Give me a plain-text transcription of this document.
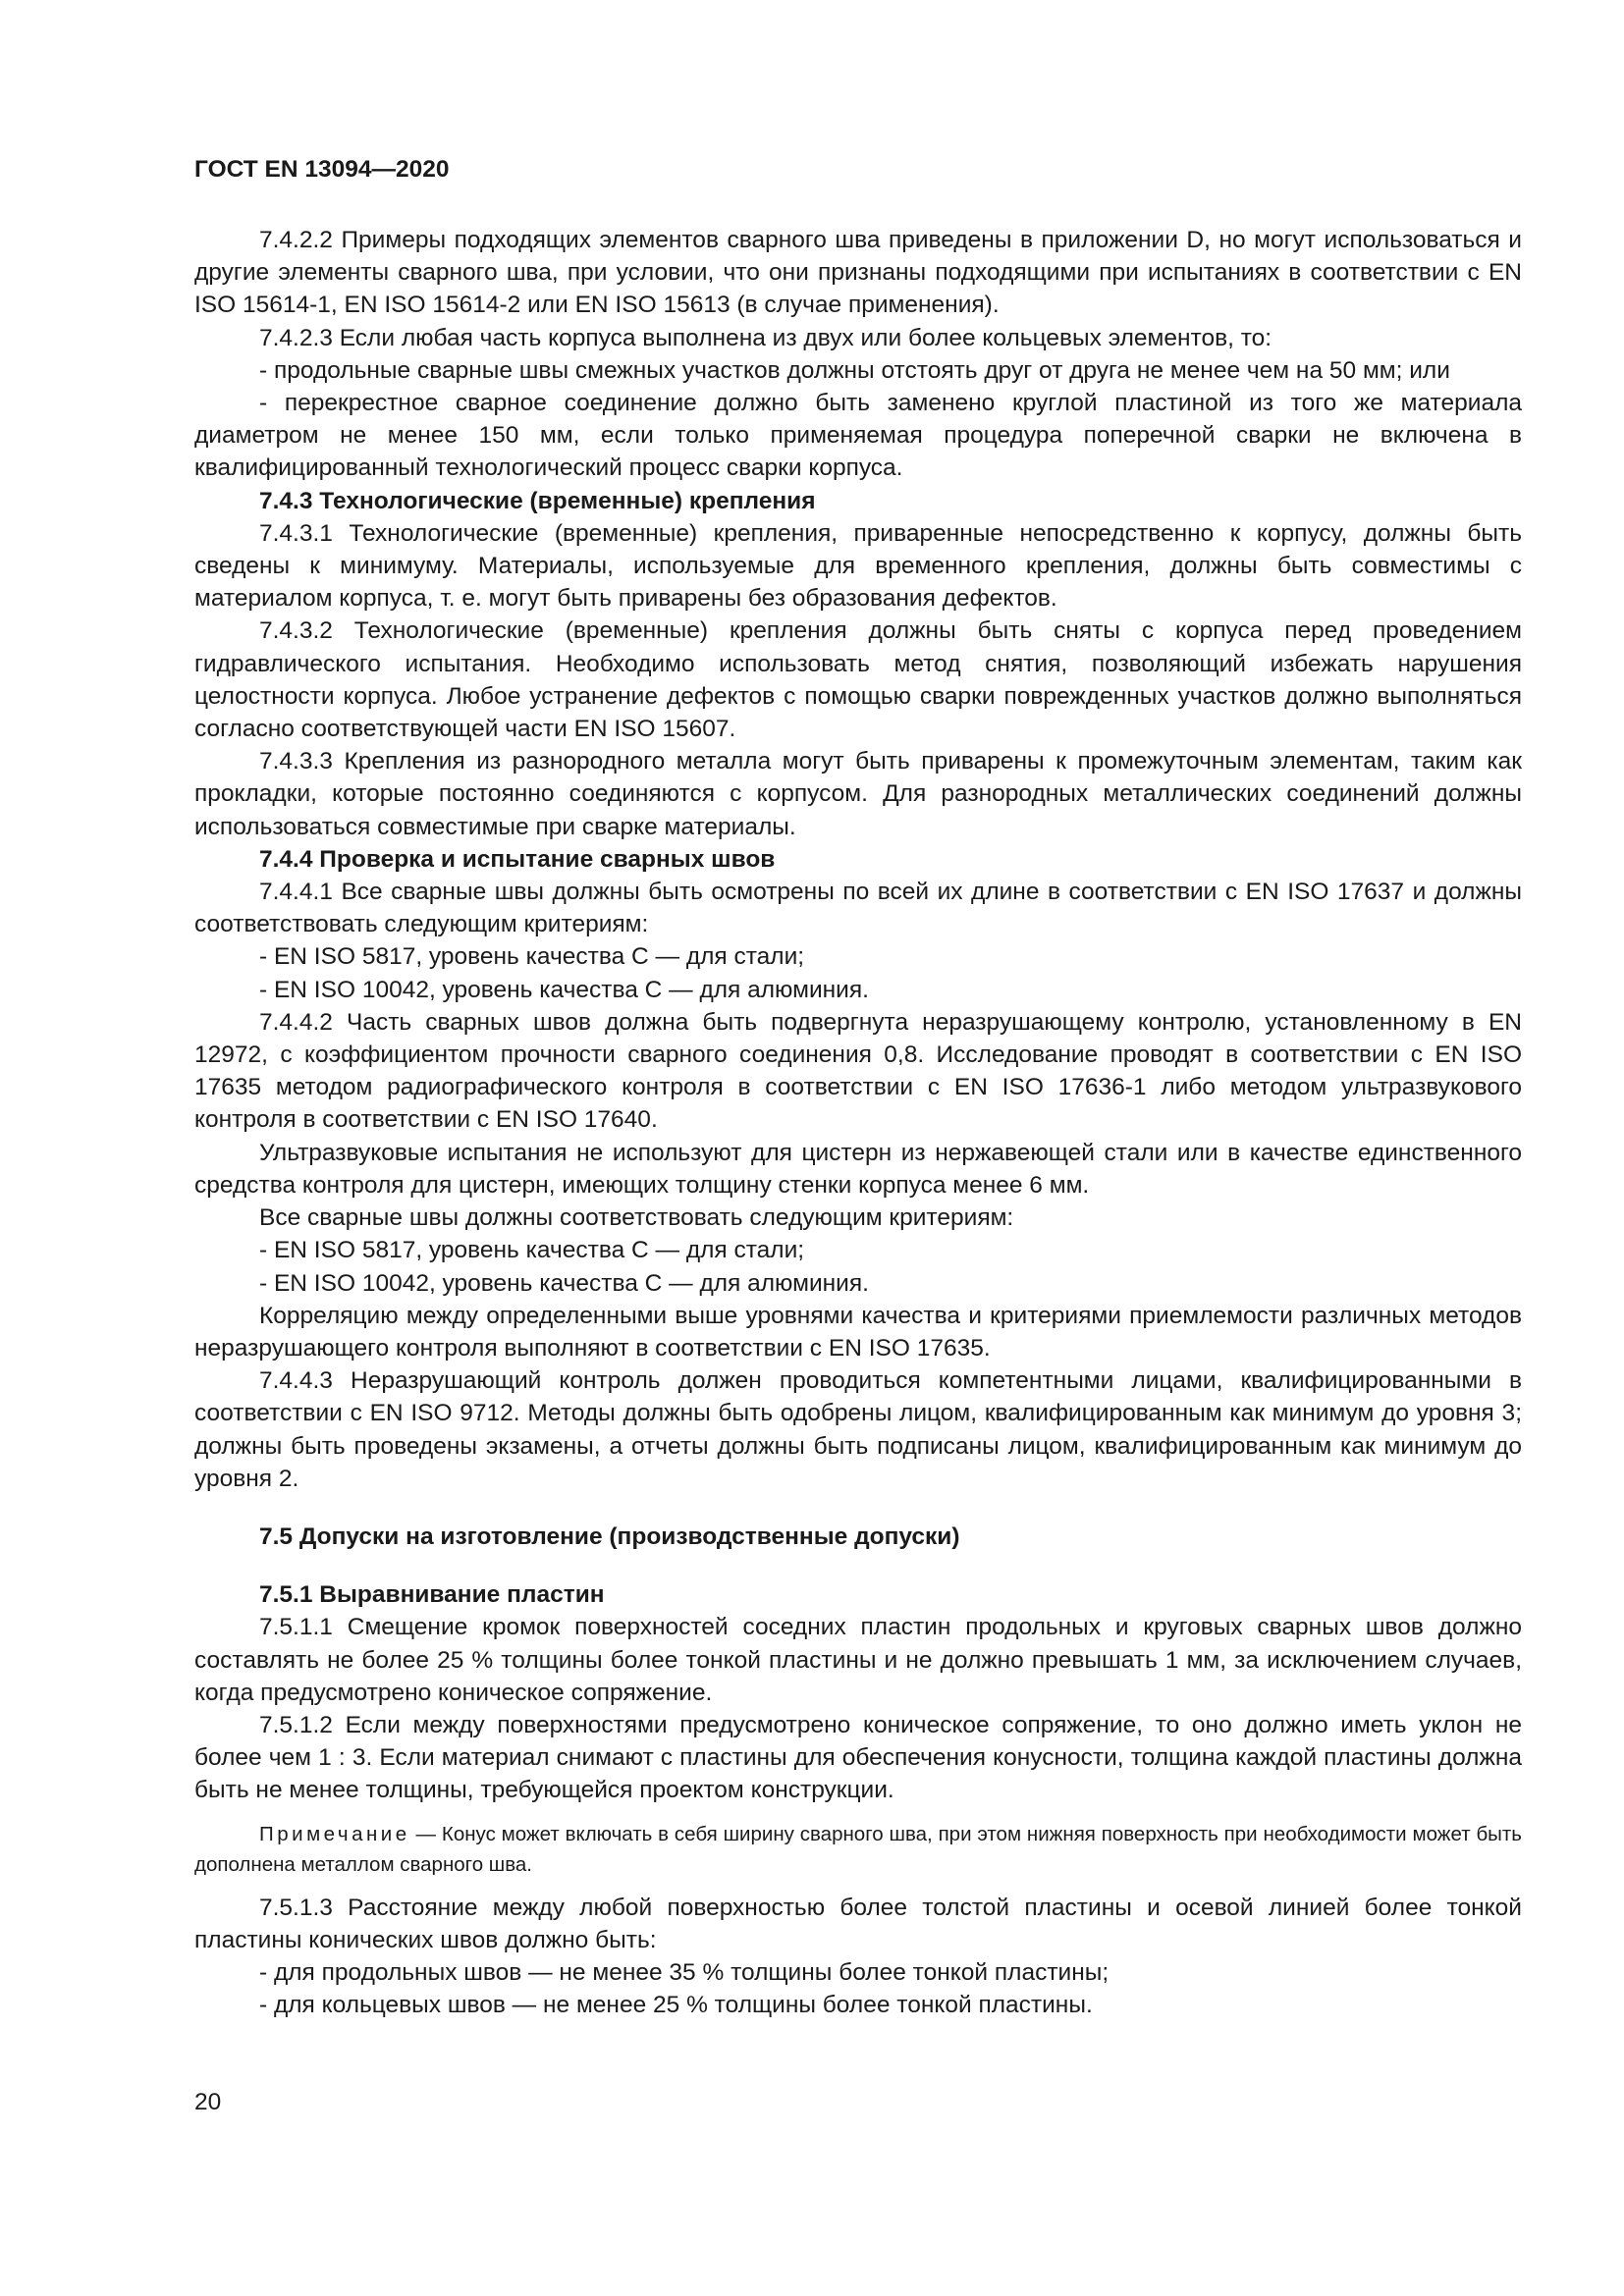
ГОСТ EN 13094—2020

7.4.2.2 Примеры подходящих элементов сварного шва приведены в приложении D, но могут использоваться и другие элементы сварного шва, при условии, что они признаны подходящими при испытаниях в соответствии с EN ISO 15614-1, EN ISO 15614-2 или EN ISO 15613 (в случае применения).

7.4.2.3 Если любая часть корпуса выполнена из двух или более кольцевых элементов, то:

- продольные сварные швы смежных участков должны отстоять друг от друга не менее чем на 50 мм; или

- перекрестное сварное соединение должно быть заменено круглой пластиной из того же материала диаметром не менее 150 мм, если только применяемая процедура поперечной сварки не включена в квалифицированный технологический процесс сварки корпуса.

7.4.3 Технологические (временные) крепления

7.4.3.1 Технологические (временные) крепления, приваренные непосредственно к корпусу, должны быть сведены к минимуму. Материалы, используемые для временного крепления, должны быть совместимы с материалом корпуса, т. е. могут быть приварены без образования дефектов.

7.4.3.2 Технологические (временные) крепления должны быть сняты с корпуса перед проведением гидравлического испытания. Необходимо использовать метод снятия, позволяющий избежать нарушения целостности корпуса. Любое устранение дефектов с помощью сварки поврежденных участков должно выполняться согласно соответствующей части EN ISO 15607.

7.4.3.3 Крепления из разнородного металла могут быть приварены к промежуточным элементам, таким как прокладки, которые постоянно соединяются с корпусом. Для разнородных металлических соединений должны использоваться совместимые при сварке материалы.

7.4.4 Проверка и испытание сварных швов

7.4.4.1 Все сварные швы должны быть осмотрены по всей их длине в соответствии с EN ISO 17637 и должны соответствовать следующим критериям:

- EN ISO 5817, уровень качества С — для стали;

- EN ISO 10042, уровень качества С — для алюминия.

7.4.4.2 Часть сварных швов должна быть подвергнута неразрушающему контролю, установленному в EN 12972, с коэффициентом прочности сварного соединения 0,8. Исследование проводят в соответствии с EN ISO 17635 методом радиографического контроля в соответствии с EN ISO 17636-1 либо методом ультразвукового контроля в соответствии с EN ISO 17640.

Ультразвуковые испытания не используют для цистерн из нержавеющей стали или в качестве единственного средства контроля для цистерн, имеющих толщину стенки корпуса менее 6 мм.

Все сварные швы должны соответствовать следующим критериям:

- EN ISO 5817, уровень качества С — для стали;

- EN ISO 10042, уровень качества С — для алюминия.

Корреляцию между определенными выше уровнями качества и критериями приемлемости различных методов неразрушающего контроля выполняют в соответствии с EN ISO 17635.

7.4.4.3 Неразрушающий контроль должен проводиться компетентными лицами, квалифицированными в соответствии с EN ISO 9712. Методы должны быть одобрены лицом, квалифицированным как минимум до уровня 3; должны быть проведены экзамены, а отчеты должны быть подписаны лицом, квалифицированным как минимум до уровня 2.

7.5 Допуски на изготовление (производственные допуски)
7.5.1 Выравнивание пластин

7.5.1.1 Смещение кромок поверхностей соседних пластин продольных и круговых сварных швов должно составлять не более 25 % толщины более тонкой пластины и не должно превышать 1 мм, за исключением случаев, когда предусмотрено коническое сопряжение.

7.5.1.2 Если между поверхностями предусмотрено коническое сопряжение, то оно должно иметь уклон не более чем 1 : 3. Если материал снимают с пластины для обеспечения конусности, толщина каждой пластины должна быть не менее толщины, требующейся проектом конструкции.

Примечание — Конус может включать в себя ширину сварного шва, при этом нижняя поверхность при необходимости может быть дополнена металлом сварного шва.

7.5.1.3 Расстояние между любой поверхностью более толстой пластины и осевой линией более тонкой пластины конических швов должно быть:

- для продольных швов — не менее 35 % толщины более тонкой пластины;

- для кольцевых швов — не менее 25 % толщины более тонкой пластины.

20
